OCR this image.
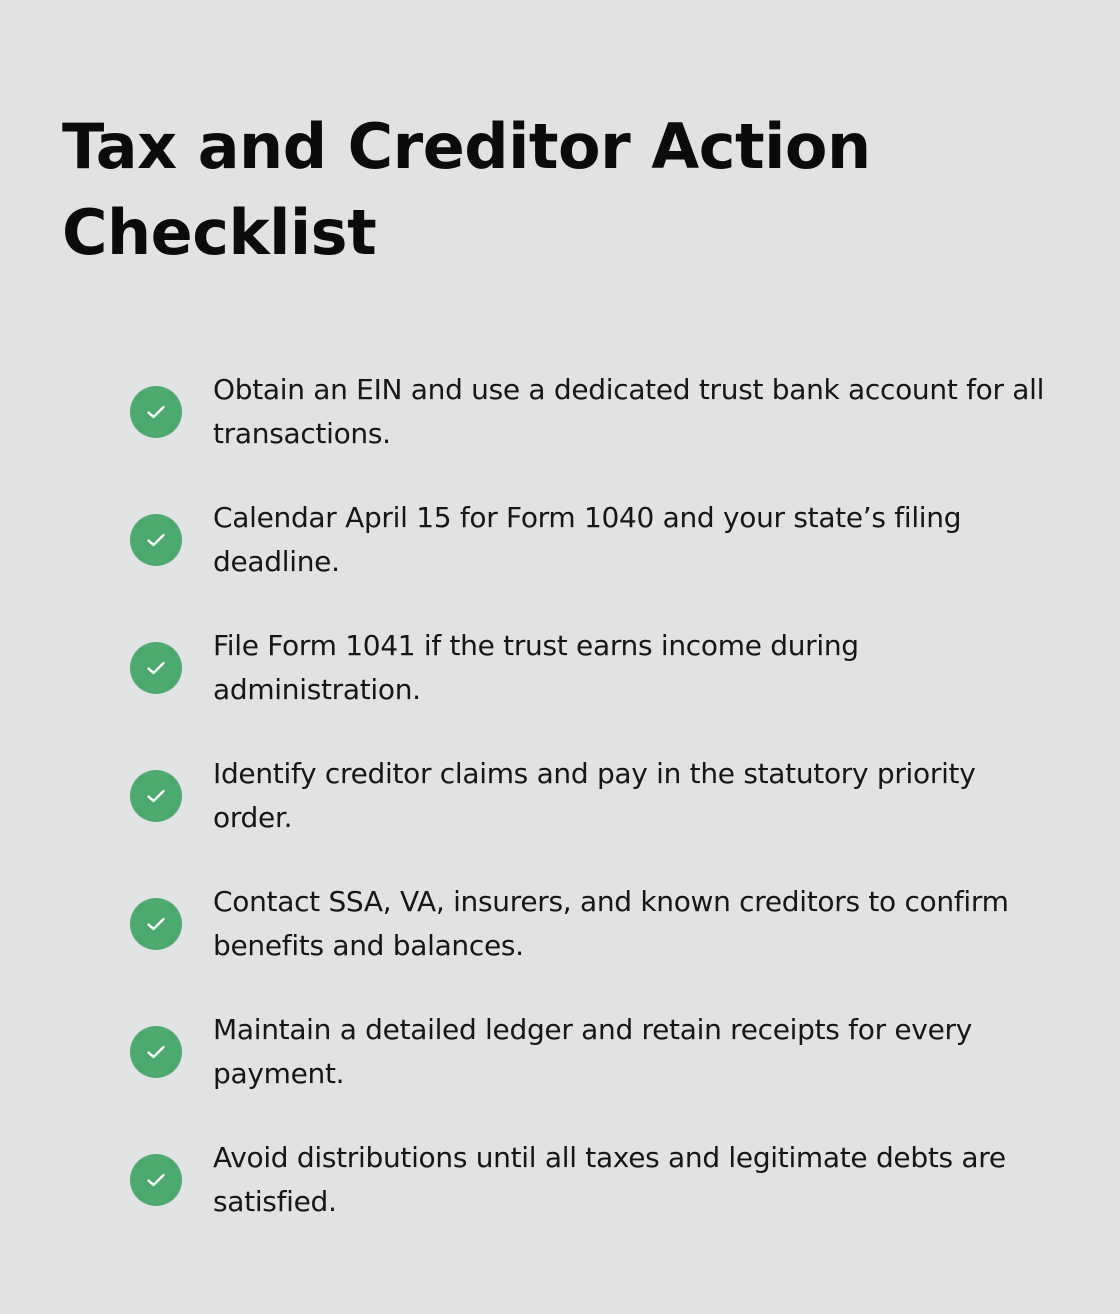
Tax and Creditor Action Checklist
Obtain an EIN and use a dedicated trust bank account for all transactions.
Calendar April 15 for Form 1040 and your state’s filing deadline.
File Form 1041 if the trust earns income during administration.
Identify creditor claims and pay in the statutory priority order.
Contact SSA, VA, insurers, and known creditors to confirm benefits and balances.
Maintain a detailed ledger and retain receipts for every payment.
Avoid distributions until all taxes and legitimate debts are satisfied.
